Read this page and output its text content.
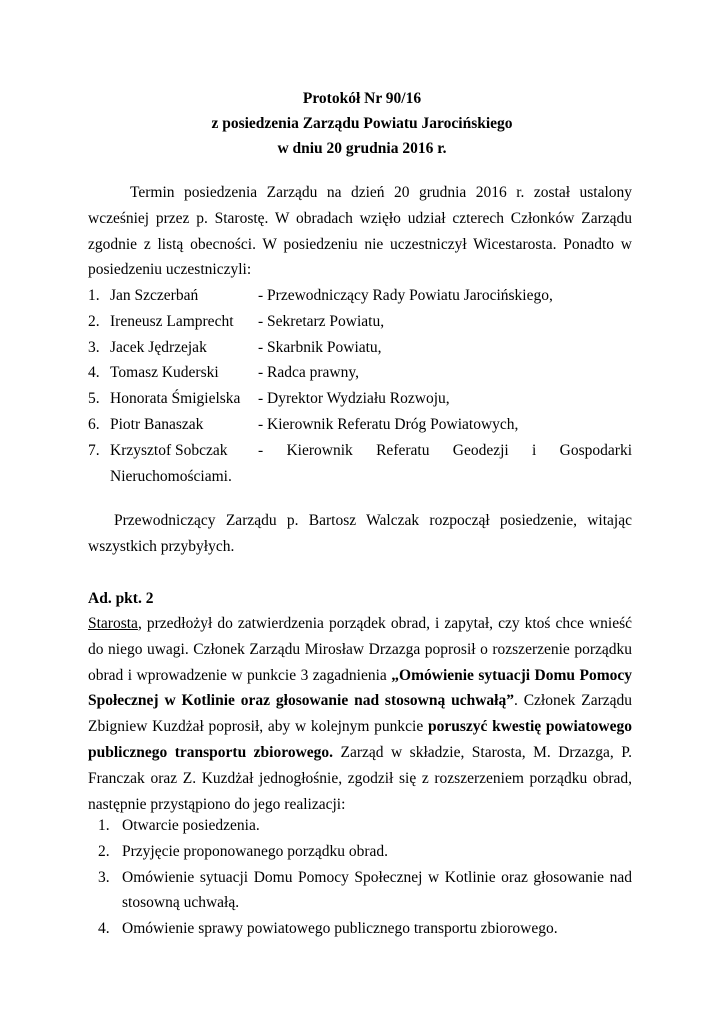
Protokół Nr 90/16
z posiedzenia Zarządu Powiatu Jarocińskiego
w dniu 20 grudnia 2016 r.
Termin posiedzenia Zarządu na dzień 20 grudnia 2016 r. został ustalony wcześniej przez p. Starostę. W obradach wzięło udział czterech Członków Zarządu zgodnie z listą obecności. W posiedzeniu nie uczestniczył Wicestarosta. Ponadto w posiedzeniu uczestniczyli:
1. Jan Szczerbań	- Przewodniczący Rady Powiatu Jarocińskiego,
2. Ireneusz Lamprecht	- Sekretarz Powiatu,
3. Jacek Jędrzejak	- Skarbnik Powiatu,
4. Tomasz Kuderski	- Radca prawny,
5. Honorata Śmigielska	- Dyrektor Wydziału Rozwoju,
6. Piotr Banaszak	- Kierownik Referatu Dróg Powiatowych,
7. Krzysztof Sobczak	- Kierownik Referatu Geodezji i Gospodarki
Nieruchomościami.
Przewodniczący Zarządu p. Bartosz Walczak rozpoczął posiedzenie, witając wszystkich przybyłych.
Ad. pkt. 2
Starosta, przedłożył do zatwierdzenia porządek obrad, i zapytał, czy ktoś chce wnieść do niego uwagi. Członek Zarządu Mirosław Drzazga poprosił o rozszerzenie porządku obrad i wprowadzenie w punkcie 3 zagadnienia „Omówienie sytuacji Domu Pomocy Społecznej w Kotlinie oraz głosowanie nad stosowną uchwałą”. Członek Zarządu Zbigniew Kuzdżał poprosił, aby w kolejnym punkcie poruszyć kwestię powiatowego publicznego transportu zbiorowego. Zarząd w składzie, Starosta, M. Drzazga, P. Franczak oraz Z. Kuzdżał jednogłośnie, zgodził się z rozszerzeniem porządku obrad, następnie przystąpiono do jego realizacji:
1. Otwarcie posiedzenia.
2. Przyjęcie proponowanego porządku obrad.
3. Omówienie sytuacji Domu Pomocy Społecznej w Kotlinie oraz głosowanie nad stosowną uchwałą.
4. Omówienie sprawy powiatowego publicznego transportu zbiorowego.
